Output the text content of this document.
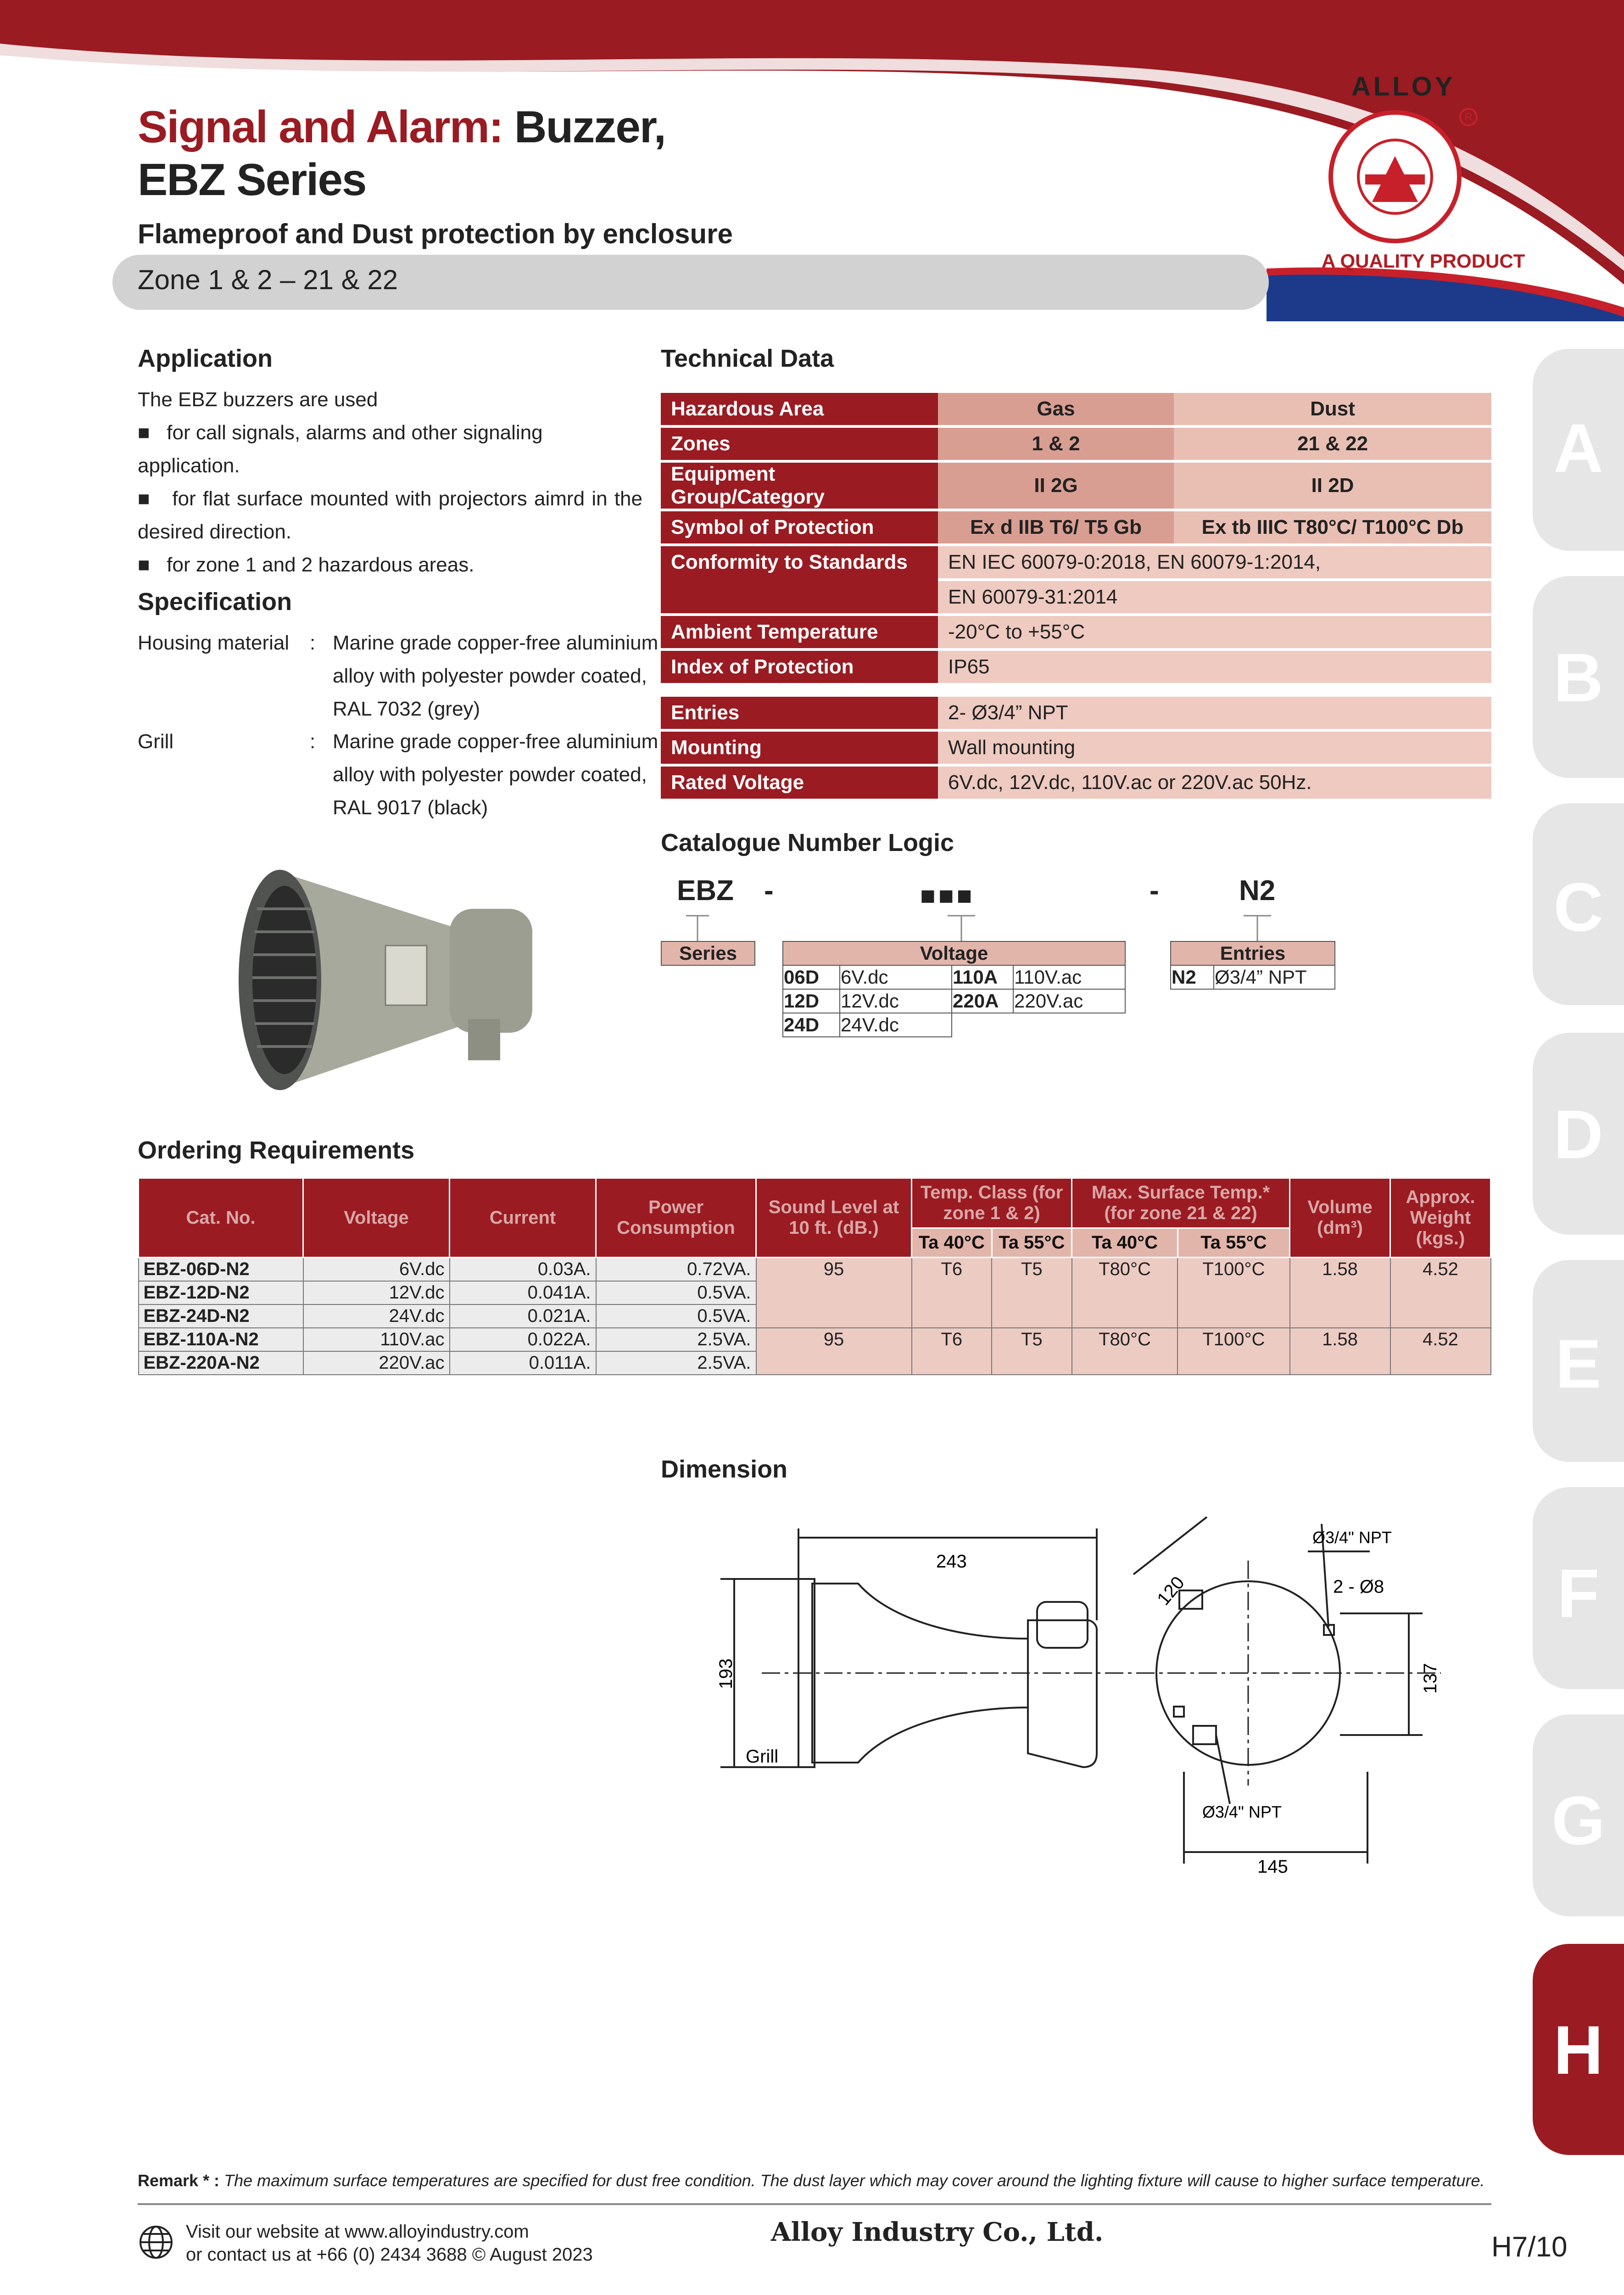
R
ALLOY
A QUALITY PRODUCT
Signal and Alarm: Buzzer,
EBZ Series
Flameproof and Dust protection by enclosure
Zone 1 & 2 – 21 & 22
A
B
C
D
E
F
G
H
Application
The EBZ buzzers are used
■   for call signals, alarms and other signaling application.
■   for flat surface mounted with projectors aimrd in the
desired direction.
■   for zone 1 and 2 hazardous areas.
Specification
Housing material : Marine grade copper-free aluminium
alloy with polyester powder coated,
RAL 7032 (grey)
Grill	: Marine grade copper-free aluminium
alloy with polyester powder coated,
RAL 9017 (black)
Technical Data
Hazardous Area	Gas	Dust
Zones	1 & 2	21 & 22
Equipment Group/Category	II 2G	II 2D
Symbol of Protection	Ex d IIB T6/ T5 Gb	Ex tb IIIC T80°C/ T100°C Db
Conformity to Standards	EN IEC 60079-0:2018, EN 60079-1:2014,	
	EN 60079-31:2014	
Ambient Temperature	-20°C to +55°C	
Index of Protection	IP65	

Entries	2- Ø3/4” NPT	
Mounting	Wall mounting	
Rated Voltage	6V.dc, 12V.dc, 110V.ac or 220V.ac 50Hz.	
Catalogue Number Logic
EBZ -	■■■	-	N2
Series	Voltage			
06D	6V.dc	110A	110V.ac
12D	12V.dc	220A	220V.ac
24D	24V.dc		
Entries
N2	Ø3/4” NPT
Ordering Requirements
Cat. No.	Voltage	Current	Power Consumption	Sound Level at 10 ft. (dB.)	Temp. Class (for zone 1 & 2)		Max. Surface Temp.* (for zone 21 & 22)		Volume (dm³)	Approx. Weight (kgs.)
					Ta 40°C	Ta 55°C	Ta 40°C	Ta 55°C		
EBZ-06D-N2	6V.dc	0.03A.	0.72VA.	95	T6	T5	T80°C	T100°C	1.58	4.52
EBZ-12D-N2	12V.dc	0.041A.	0.5VA.							
EBZ-24D-N2	24V.dc	0.021A.	0.5VA.							
EBZ-110A-N2	110V.ac	0.022A.	2.5VA.	95	T6	T5	T80°C	T100°C	1.58	4.52
EBZ-220A-N2	220V.ac	0.011A.	2.5VA.							
Dimension
243
193
120
137
145
Ø3/4" NPT
2 - Ø8
Ø3/4" NPT
Grill
Remark * : The maximum surface temperatures are specified for dust free condition. The dust layer which may cover around the lighting fixture will cause to higher surface temperature.
Visit our website at www.alloyindustry.com
or contact us at +66 (0) 2434 3688 © August 2023
Alloy Industry Co., Ltd.	H7/10
